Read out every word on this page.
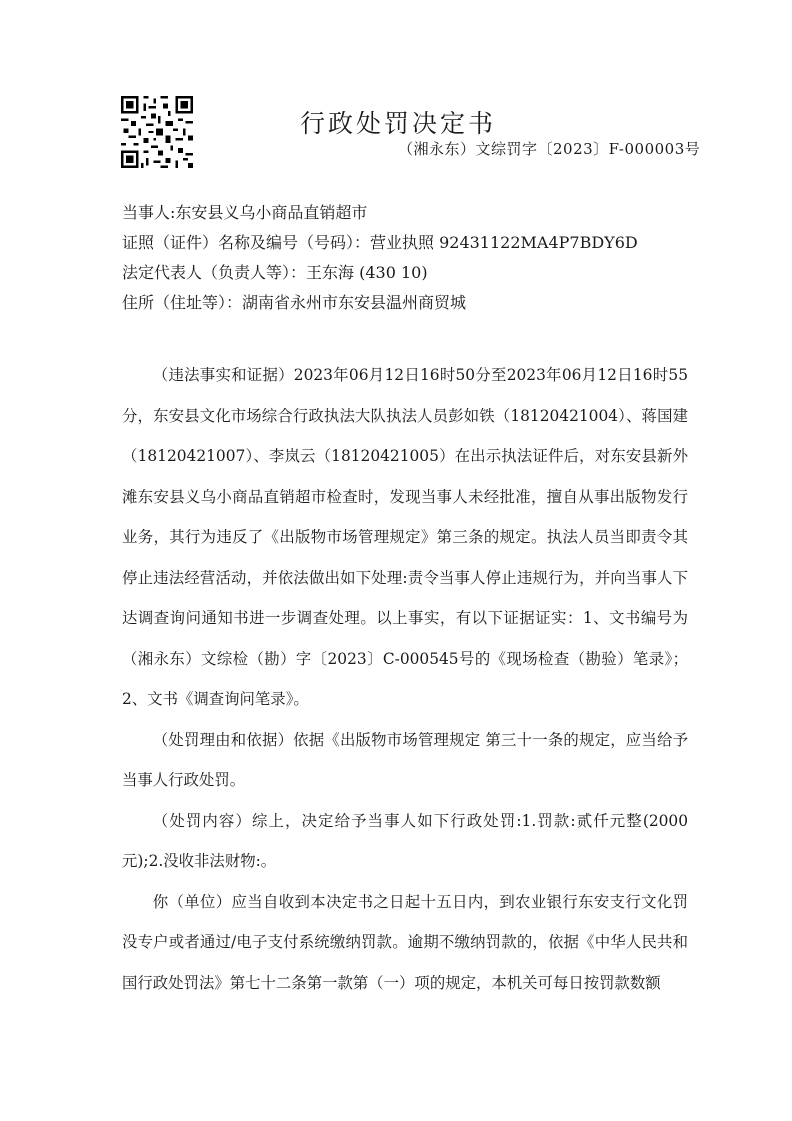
行政处罚决定书
（湘永东）文综罚字〔2023〕F-000003号
当事人:东安县义乌小商品直销超市
证照（证件）名称及编号（号码）：营业执照 92431122MA4P7BDY6D
法定代表人（负责人等）：王东海 (430 10)
住所（住址等）：湖南省永州市东安县温州商贸城

（违法事实和证据）2023年06月12日16时50分至2023年06月12日16时55分，东安县文化市场综合行政执法大队执法人员彭如铁（18120421004）、蒋国建（18120421007）、李岚云（18120421005）在出示执法证件后，对东安县新外滩东安县义乌小商品直销超市检查时，发现当事人未经批准，擅自从事出版物发行业务，其行为违反了《出版物市场管理规定》第三条的规定。执法人员当即责令其停止违法经营活动，并依法做出如下处理:责令当事人停止违规行为，并向当事人下达调查询问通知书进一步调查处理。以上事实，有以下证据证实：1、文书编号为（湘永东）文综检（勘）字〔2023〕C-000545号的《现场检查（勘验）笔录》；2、文书《调查询问笔录》。

（处罚理由和依据）依据《出版物市场管理规定 第三十一条的规定，应当给予当事人行政处罚。

（处罚内容）综上，决定给予当事人如下行政处罚:1.罚款:贰仟元整(2000元);2.没收非法财物:。

你（单位）应当自收到本决定书之日起十五日内，到农业银行东安支行文化罚没专户或者通过/电子支付系统缴纳罚款。逾期不缴纳罚款的，依据《中华人民共和国行政处罚法》第七十二条第一款第（一）项的规定，本机关可每日按罚款数额
